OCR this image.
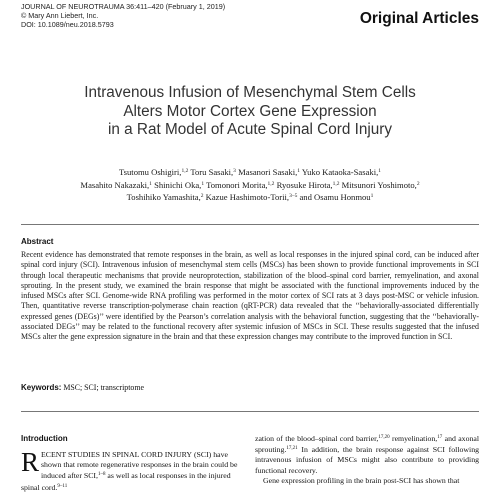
JOURNAL OF NEUROTRAUMA 36:411–420 (February 1, 2019)
© Mary Ann Liebert, Inc.
DOI: 10.1089/neu.2018.5793	Original Articles
Intravenous Infusion of Mesenchymal Stem Cells
Alters Motor Cortex Gene Expression
in a Rat Model of Acute Spinal Cord Injury
Tsutomu Oshigiri,$^{1,2}$ Toru Sasaki,$^3$ Masanori Sasaki,$^1$ Yuko Kataoka-Sasaki,$^1$
Masahito Nakazaki,$^1$ Shinichi Oka,$^1$ Tomonori Morita,$^{1,2}$ Ryosuke Hirota,$^{1,2}$ Mitsunori Yoshimoto,$^2$
Toshihiko Yamashita,$^2$ Kazue Hashimoto-Torii,$^{3-5}$ and Osamu Honmou$^1$
Abstract

Recent evidence has demonstrated that remote responses in the brain, as well as local responses in the injured spinal cord, can be induced after spinal cord injury (SCI). Intravenous infusion of mesenchymal stem cells (MSCs) has been shown to provide functional improvements in SCI through local therapeutic mechanisms that provide neuroprotection, stabilization of the blood–spinal cord barrier, remyelination, and axonal sprouting. In the present study, we examined the brain response that might be associated with the functional improvements induced by the infused MSCs after SCI. Genome-wide RNA profiling was performed in the motor cortex of SCI rats at 3 days post-MSC or vehicle infusion. Then, quantitative reverse transcription-polymerase chain reaction (qRT-PCR) data revealed that the ‘‘behaviorally-associated differentially expressed genes (DEGs)’’ were identified by the Pearson’s correlation analysis with the behavioral function, suggesting that the ‘‘behaviorally-associated DEGs’’ may be related to the functional recovery after systemic infusion of MSCs in SCI. These results suggested that the infused MSCs alter the gene expression signature in the brain and that these expression changes may contribute to the improved function in SCI.

Keywords: MSC; SCI; transcriptome
Introduction
R ECENT STUDIES IN SPINAL CORD INJURY (SCI) have shown that remote regenerative responses in the brain could be induced after SCI,$^{1-8}$ as well as local responses in the injured spinal cord.$^{9-11}$

zation of the blood–spinal cord barrier,$^{17,20}$ remyelination,$^{17}$ and axonal sprouting.$^{17,21}$ In addition, the brain response against SCI following intravenous infusion of MSCs might also contribute to providing functional recovery.

Gene expression profiling in the brain post-SCI has shown that
